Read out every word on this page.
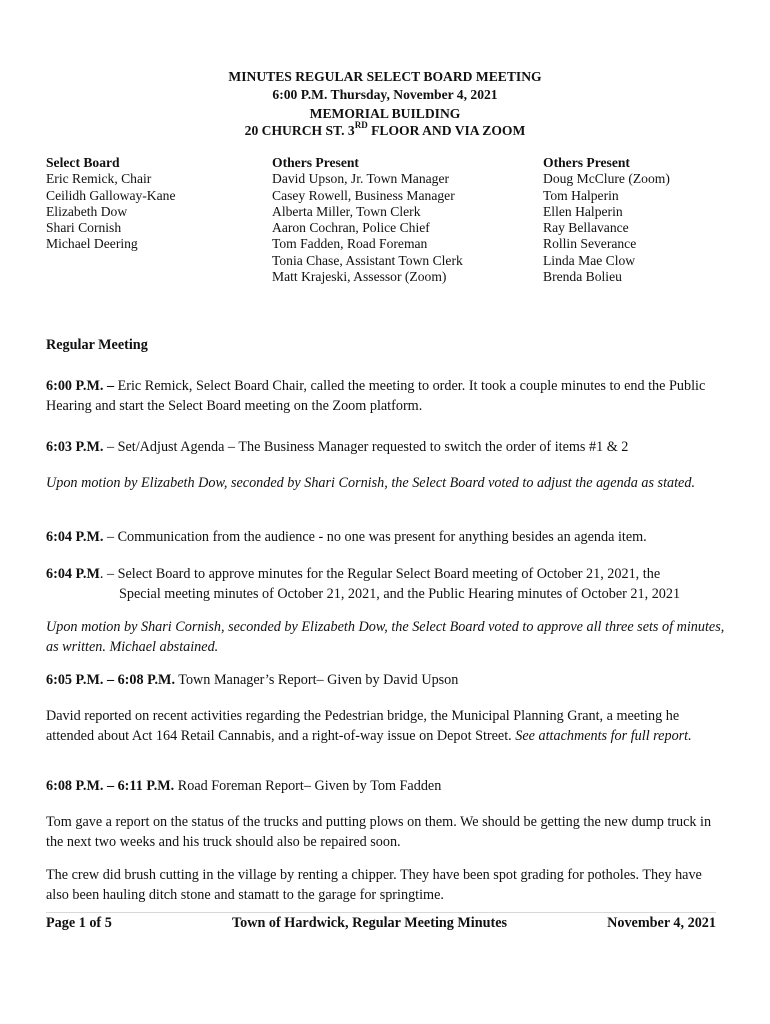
MINUTES REGULAR SELECT BOARD MEETING
6:00 P.M. Thursday, November 4, 2021
MEMORIAL BUILDING
20 CHURCH ST. 3RD FLOOR AND VIA ZOOM
Select Board
Eric Remick, Chair
Ceilidh Galloway-Kane
Elizabeth Dow
Shari Cornish
Michael Deering
Others Present
David Upson, Jr. Town Manager
Casey Rowell, Business Manager
Alberta Miller, Town Clerk
Aaron Cochran, Police Chief
Tom Fadden, Road Foreman
Tonia Chase, Assistant Town Clerk
Matt Krajeski, Assessor (Zoom)
Others Present
Doug McClure (Zoom)
Tom Halperin
Ellen Halperin
Ray Bellavance
Rollin Severance
Linda Mae Clow
Brenda Bolieu
Regular Meeting
6:00 P.M. – Eric Remick, Select Board Chair, called the meeting to order. It took a couple minutes to end the Public Hearing and start the Select Board meeting on the Zoom platform.
6:03 P.M. – Set/Adjust Agenda – The Business Manager requested to switch the order of items #1 & 2
Upon motion by Elizabeth Dow, seconded by Shari Cornish, the Select Board voted to adjust the agenda as stated.
6:04 P.M. – Communication from the audience - no one was present for anything besides an agenda item.
6:04 P.M. – Select Board to approve minutes for the Regular Select Board meeting of October 21, 2021, the
Special meeting minutes of October 21, 2021, and the Public Hearing minutes of October 21, 2021
Upon motion by Shari Cornish, seconded by Elizabeth Dow, the Select Board voted to approve all three sets of minutes, as written. Michael abstained.
6:05 P.M. – 6:08 P.M. Town Manager’s Report– Given by David Upson
David reported on recent activities regarding the Pedestrian bridge, the Municipal Planning Grant, a meeting he attended about Act 164 Retail Cannabis, and a right-of-way issue on Depot Street. See attachments for full report.
6:08 P.M. – 6:11 P.M. Road Foreman Report– Given by Tom Fadden
Tom gave a report on the status of the trucks and putting plows on them. We should be getting the new dump truck in the next two weeks and his truck should also be repaired soon.
The crew did brush cutting in the village by renting a chipper. They have been spot grading for potholes. They have also been hauling ditch stone and stamatt to the garage for springtime.
Page 1 of 5	Town of Hardwick, Regular Meeting Minutes	November 4, 2021
